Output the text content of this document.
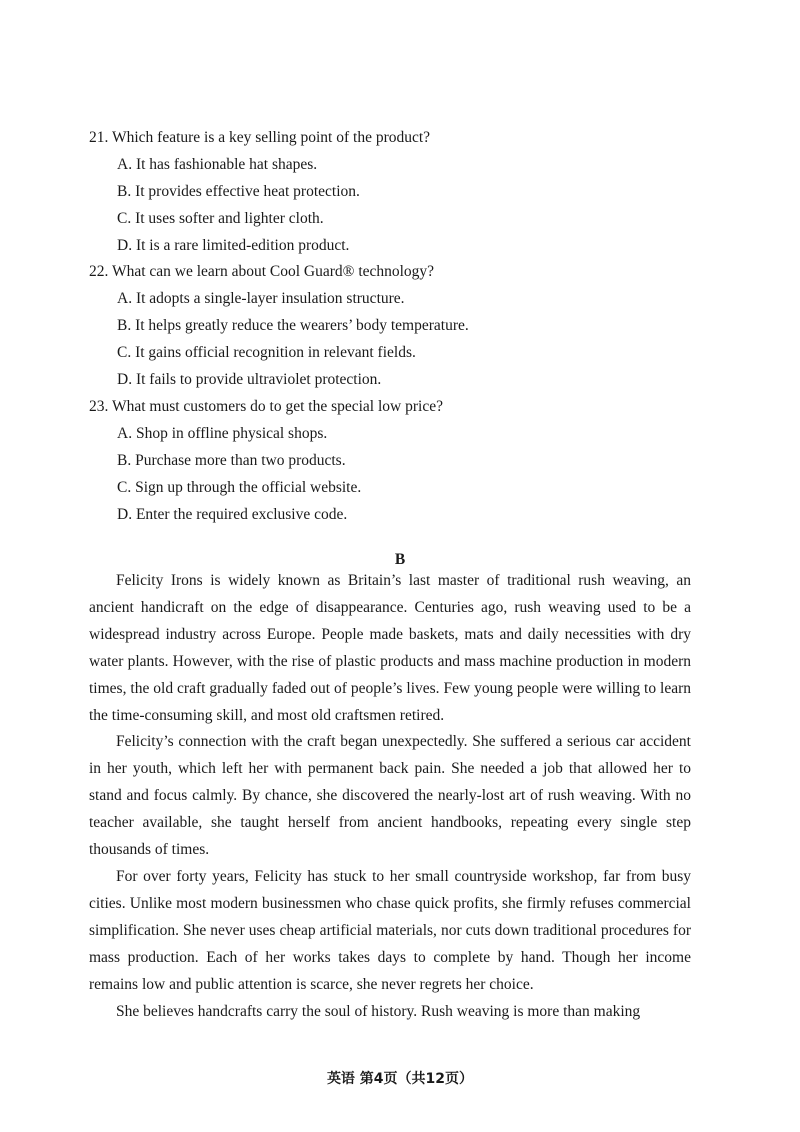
21. Which feature is a key selling point of the product?

A. It has fashionable hat shapes.
B. It provides effective heat protection.
C. It uses softer and lighter cloth.
D. It is a rare limited-edition product.

22. What can we learn about Cool Guard® technology?

A. It adopts a single-layer insulation structure.
B. It helps greatly reduce the wearers’ body temperature.
C. It gains official recognition in relevant fields.
D. It fails to provide ultraviolet protection.

23. What must customers do to get the special low price?

A. Shop in offline physical shops.
B. Purchase more than two products.
C. Sign up through the official website.
D. Enter the required exclusive code.
B

Felicity Irons is widely known as Britain’s last master of traditional rush weaving, an ancient handicraft on the edge of disappearance. Centuries ago, rush weaving used to be a widespread industry across Europe. People made baskets, mats and daily necessities with dry water plants. However, with the rise of plastic products and mass machine production in modern times, the old craft gradually faded out of people’s lives. Few young people were willing to learn the time-consuming skill, and most old craftsmen retired.

Felicity’s connection with the craft began unexpectedly. She suffered a serious car accident in her youth, which left her with permanent back pain. She needed a job that allowed her to stand and focus calmly. By chance, she discovered the nearly-lost art of rush weaving. With no teacher available, she taught herself from ancient handbooks, repeating every single step thousands of times.

For over forty years, Felicity has stuck to her small countryside workshop, far from busy cities. Unlike most modern businessmen who chase quick profits, she firmly refuses commercial simplification. She never uses cheap artificial materials, nor cuts down traditional procedures for mass production. Each of her works takes days to complete by hand. Though her income remains low and public attention is scarce, she never regrets her choice.

She believes handcrafts carry the soul of history. Rush weaving is more than making

英语 第4页（共12页）
